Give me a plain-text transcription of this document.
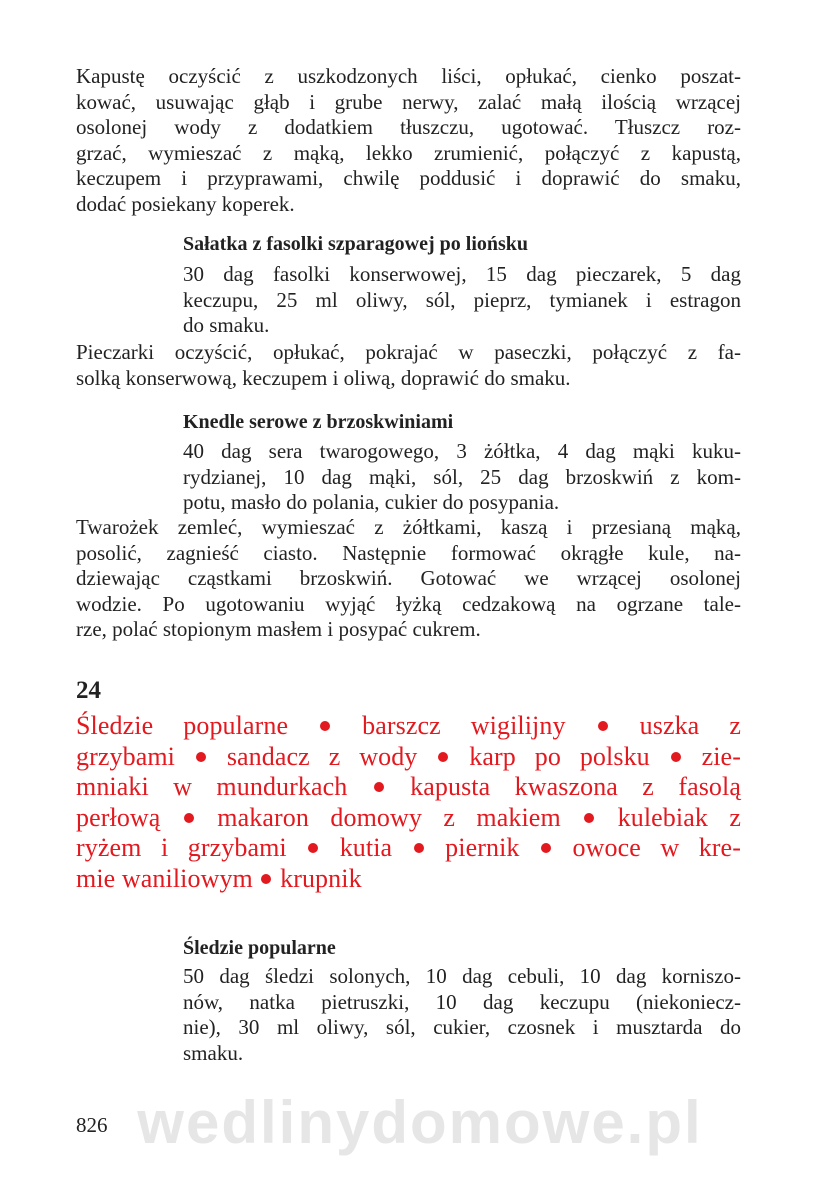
Kapustę oczyścić z uszkodzonych liści, opłukać, cienko poszat-
kować, usuwając głąb i grube nerwy, zalać małą ilością wrzącej
osolonej wody z dodatkiem tłuszczu, ugotować. Tłuszcz roz-
grzać, wymieszać z mąką, lekko zrumienić, połączyć z kapustą,
keczupem i przyprawami, chwilę poddusić i doprawić do smaku,
dodać posiekany koperek.
Sałatka z fasolki szparagowej po liońsku
30 dag fasolki konserwowej, 15 dag pieczarek, 5 dag
keczupu, 25 ml oliwy, sól, pieprz, tymianek i estragon
do smaku.
Pieczarki oczyścić, opłukać, pokrajać w paseczki, połączyć z fa-
solką konserwową, keczupem i oliwą, doprawić do smaku.
Knedle serowe z brzoskwiniami
40 dag sera twarogowego, 3 żółtka, 4 dag mąki kuku-
rydzianej, 10 dag mąki, sól, 25 dag brzoskwiń z kom-
potu, masło do polania, cukier do posypania.
Twarożek zemleć, wymieszać z żółtkami, kaszą i przesianą mąką,
posolić, zagnieść ciasto. Następnie formować okrągłe kule, na-
dziewając cząstkami brzoskwiń. Gotować we wrzącej osolonej
wodzie. Po ugotowaniu wyjąć łyżką cedzakową na ogrzane tale-
rze, polać stopionym masłem i posypać cukrem.
24
Śledzie popularne	barszcz wigilijny	uszka z
grzybami sandacz z wody karp po polsku zie-
mniaki w mundurkach kapusta kwaszona z fasolą
perłową makaron domowy z makiem kulebiak z
ryżem i grzybami kutia piernik owoce w kre-
mie waniliowym krupnik
Śledzie popularne
50 dag śledzi solonych, 10 dag cebuli, 10 dag korniszo-
nów, natka pietruszki, 10 dag keczupu (niekoniecz-
nie), 30 ml oliwy, sól, cukier, czosnek i musztarda do
smaku.
wedlinydomowe.pl
826
